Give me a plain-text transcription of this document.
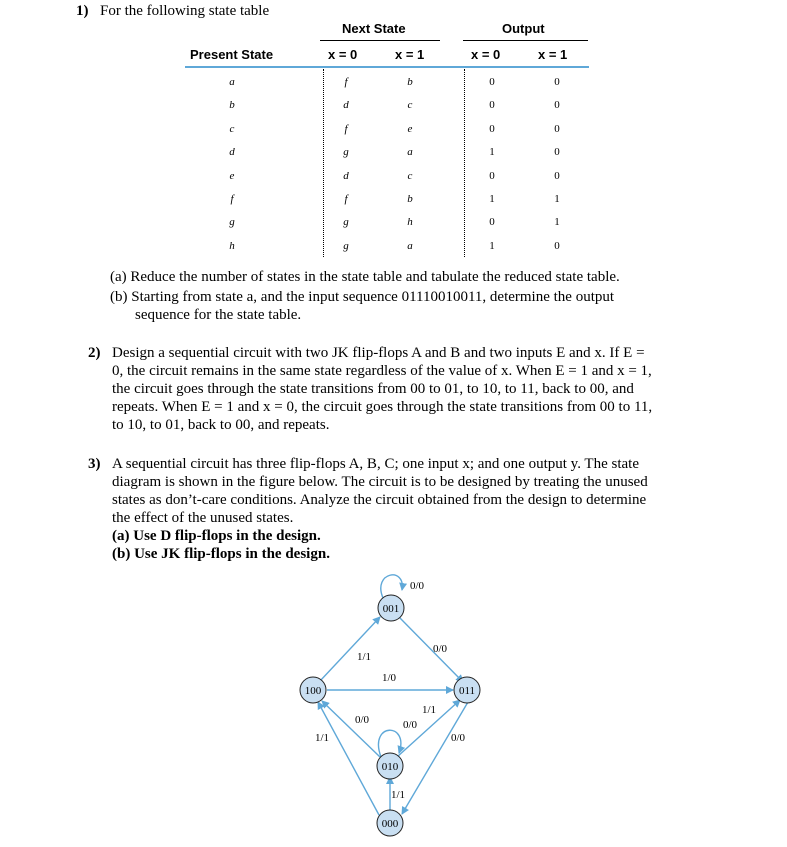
1) For the following state table
Next State	Output
Present State	x = 0	x = 1	x = 0	x = 1
a	f	b	0	0
b	d	c	0	0
c	f	e	0	0
d	g	a	1	0
e	d	c	0	0
f	f	b	1	1
g	g	h	0	1
h	g	a	1	0
(a) Reduce the number of states in the state table and tabulate the reduced state table.
(b) Starting from state a, and the input sequence 01110010011, determine the output
sequence for the state table.
2) Design a sequential circuit with two JK flip-flops A and B and two inputs E and x. If E =
0, the circuit remains in the same state regardless of the value of x. When E = 1 and x = 1,
the circuit goes through the state transitions from 00 to 01, to 10, to 11, back to 00, and
repeats. When E = 1 and x = 0, the circuit goes through the state transitions from 00 to 11,
to 10, to 01, back to 00, and repeats.
3) A sequential circuit has three flip-flops A, B, C; one input x; and one output y. The state
diagram is shown in the figure below. The circuit is to be designed by treating the unused
states as don’t-care conditions. Analyze the circuit obtained from the design to determine
the effect of the unused states.
(a) Use D flip-flops in the design.
(b) Use JK flip-flops in the design.
001
100	011
010
000
0/0
0/0
1/1
1/0
0/0
1/1
0/0
1/1	0/0
1/1
